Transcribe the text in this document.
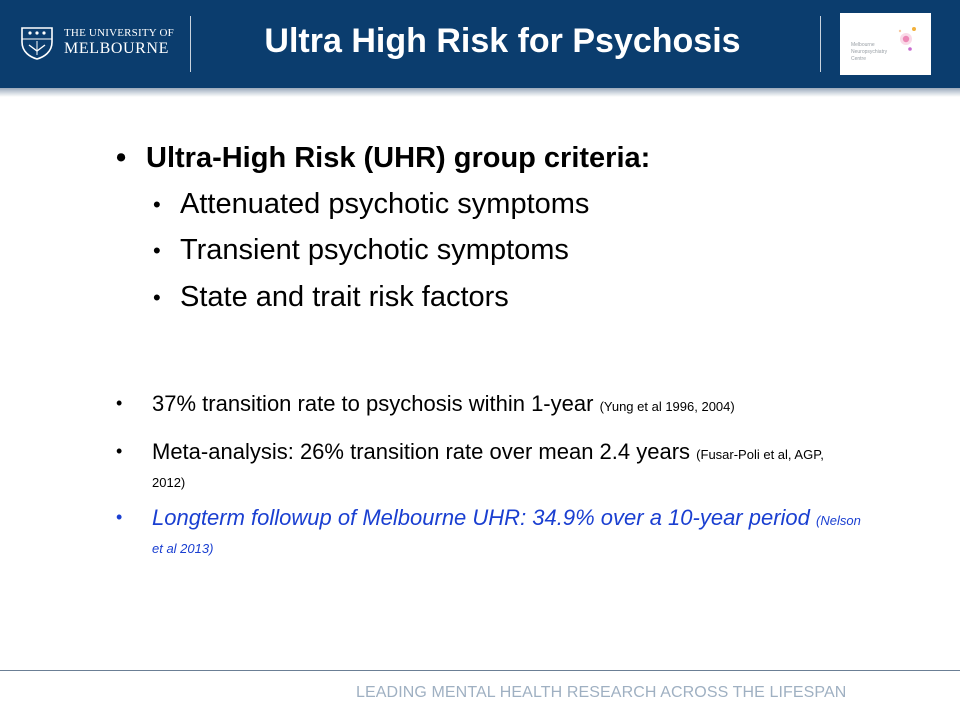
THE UNIVERSITY OF
MELBOURNE	Ultra High Risk for Psychosis	Melbourne
Neuropsychiatry
Centre
• Ultra-High Risk (UHR) group criteria:
• Attenuated psychotic symptoms
• Transient psychotic symptoms
• State and trait risk factors
• 37% transition rate to psychosis within 1-year (Yung et al 1996, 2004)
• Meta-analysis: 26% transition rate over mean 2.4 years (Fusar-Poli et al, AGP, 2012)
• Longterm followup of Melbourne UHR: 34.9% over a 10-year period (Nelson et al 2013)
LEADING MENTAL HEALTH RESEARCH ACROSS THE LIFESPAN
